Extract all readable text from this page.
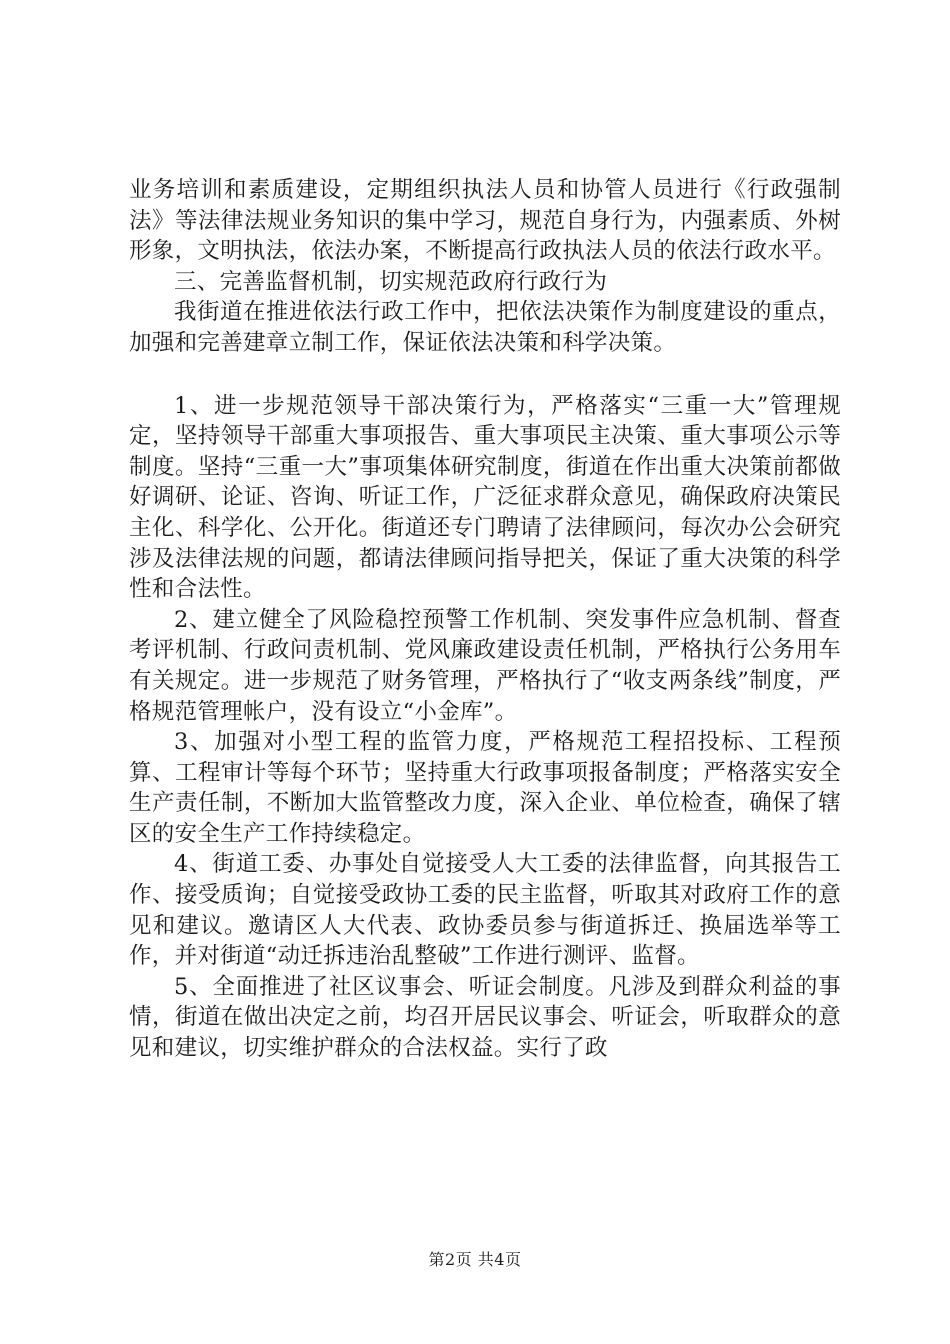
业务培训和素质建设，定期组织执法人员和协管人员进行《行政强制法》等法律法规业务知识的集中学习，规范自身行为，内强素质、外树形象，文明执法，依法办案，不断提高行政执法人员的依法行政水平。

三、完善监督机制，切实规范政府行政行为

我街道在推进依法行政工作中，把依法决策作为制度建设的重点，加强和完善建章立制工作，保证依法决策和科学决策。

1、进一步规范领导干部决策行为，严格落实“三重一大”管理规定，坚持领导干部重大事项报告、重大事项民主决策、重大事项公示等制度。坚持“三重一大”事项集体研究制度，街道在作出重大决策前都做好调研、论证、咨询、听证工作，广泛征求群众意见，确保政府决策民主化、科学化、公开化。街道还专门聘请了法律顾问，每次办公会研究涉及法律法规的问题，都请法律顾问指导把关，保证了重大决策的科学性和合法性。

2、建立健全了风险稳控预警工作机制、突发事件应急机制、督查考评机制、行政问责机制、党风廉政建设责任机制，严格执行公务用车有关规定。进一步规范了财务管理，严格执行了“收支两条线”制度，严格规范管理帐户，没有设立“小金库”。

3、加强对小型工程的监管力度，严格规范工程招投标、工程预算、工程审计等每个环节；坚持重大行政事项报备制度；严格落实安全生产责任制，不断加大监管整改力度，深入企业、单位检查，确保了辖区的安全生产工作持续稳定。

4、街道工委、办事处自觉接受人大工委的法律监督，向其报告工作、接受质询；自觉接受政协工委的民主监督，听取其对政府工作的意见和建议。邀请区人大代表、政协委员参与街道拆迁、换届选举等工作，并对街道“动迁拆违治乱整破”工作进行测评、监督。

5、全面推进了社区议事会、听证会制度。凡涉及到群众利益的事情，街道在做出决定之前，均召开居民议事会、听证会，听取群众的意见和建议，切实维护群众的合法权益。实行了政

第2页 共4页
